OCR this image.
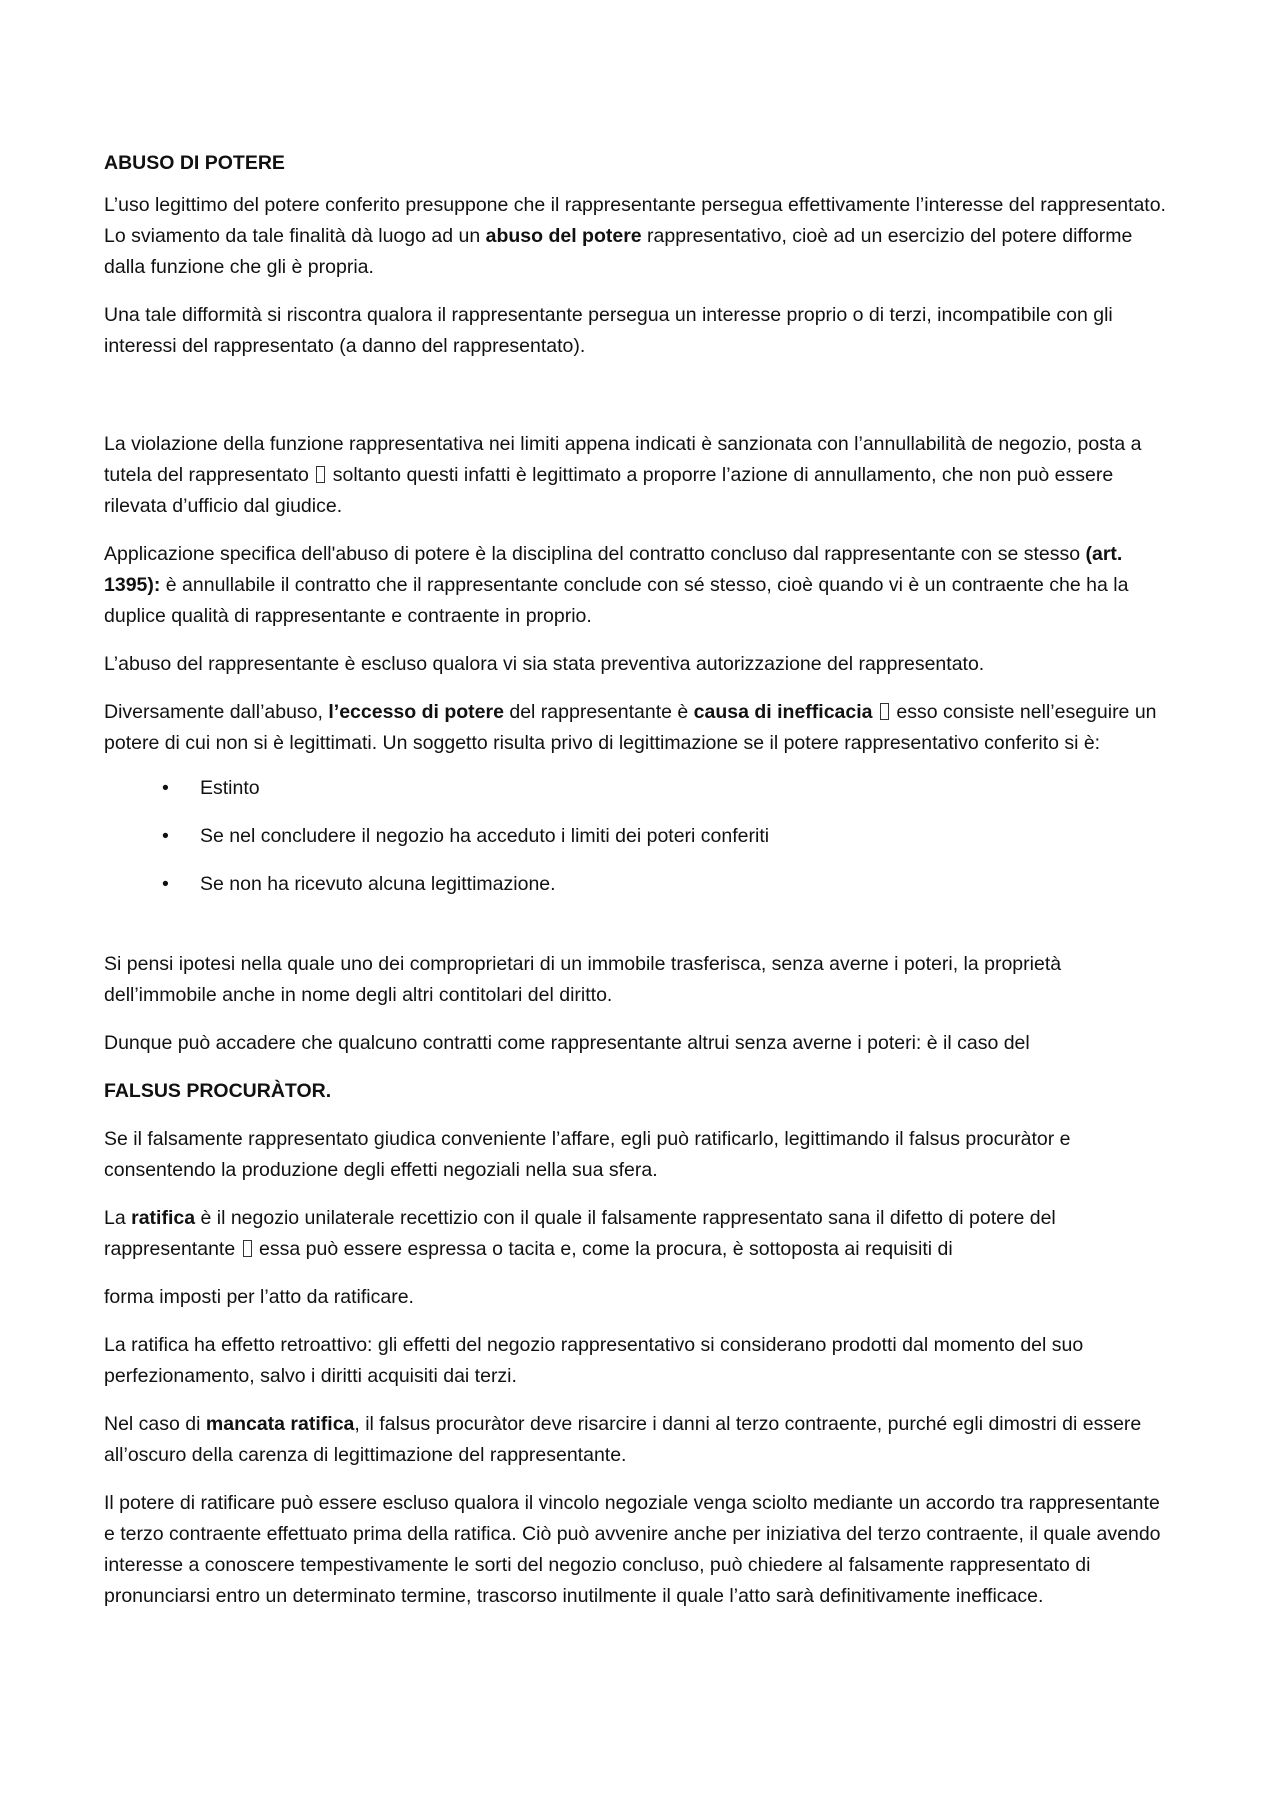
ABUSO DI POTERE

L’uso legittimo del potere conferito presuppone che il rappresentante persegua effettivamente l’interesse del rappresentato. Lo sviamento da tale finalità dà luogo ad un abuso del potere rappresentativo, cioè ad un esercizio del potere difforme dalla funzione che gli è propria.

Una tale difformità si riscontra qualora il rappresentante persegua un interesse proprio o di terzi, incompatibile con gli interessi del rappresentato (a danno del rappresentato).

La violazione della funzione rappresentativa nei limiti appena indicati è sanzionata con l’annullabilità de negozio, posta a tutela del rappresentato  soltanto questi infatti è legittimato a proporre l’azione di annullamento, che non può essere rilevata d’ufficio dal giudice.

Applicazione specifica dell'abuso di potere è la disciplina del contratto concluso dal rappresentante con se stesso (art. 1395): è annullabile il contratto che il rappresentante conclude con sé stesso, cioè quando vi è un contraente che ha la duplice qualità di rappresentante e contraente in proprio.

L’abuso del rappresentante è escluso qualora vi sia stata preventiva autorizzazione del rappresentato.

Diversamente dall’abuso, l’eccesso di potere del rappresentante è causa di inefficacia  esso consiste nell’eseguire un potere di cui non si è legittimati. Un soggetto risulta privo di legittimazione se il potere rappresentativo conferito si è:

• Estinto
• Se nel concludere il negozio ha acceduto i limiti dei poteri conferiti
• Se non ha ricevuto alcuna legittimazione.

Si pensi ipotesi nella quale uno dei comproprietari di un immobile trasferisca, senza averne i poteri, la proprietà dell’immobile anche in nome degli altri contitolari del diritto.

Dunque può accadere che qualcuno contratti come rappresentante altrui senza averne i poteri: è il caso del

FALSUS PROCURÀTOR.

Se il falsamente rappresentato giudica conveniente l’affare, egli può ratificarlo, legittimando il falsus procuràtor e consentendo la produzione degli effetti negoziali nella sua sfera.

La ratifica è il negozio unilaterale recettizio con il quale il falsamente rappresentato sana il difetto di potere del rappresentante  essa può essere espressa o tacita e, come la procura, è sottoposta ai requisiti di

forma imposti per l’atto da ratificare.

La ratifica ha effetto retroattivo: gli effetti del negozio rappresentativo si considerano prodotti dal momento del suo perfezionamento, salvo i diritti acquisiti dai terzi.

Nel caso di mancata ratifica, il falsus procuràtor deve risarcire i danni al terzo contraente, purché egli dimostri di essere all’oscuro della carenza di legittimazione del rappresentante.

Il potere di ratificare può essere escluso qualora il vincolo negoziale venga sciolto mediante un accordo tra rappresentante e terzo contraente effettuato prima della ratifica. Ciò può avvenire anche per iniziativa del terzo contraente, il quale avendo interesse a conoscere tempestivamente le sorti del negozio concluso, può chiedere al falsamente rappresentato di pronunciarsi entro un determinato termine, trascorso inutilmente il quale l’atto sarà definitivamente inefficace.
